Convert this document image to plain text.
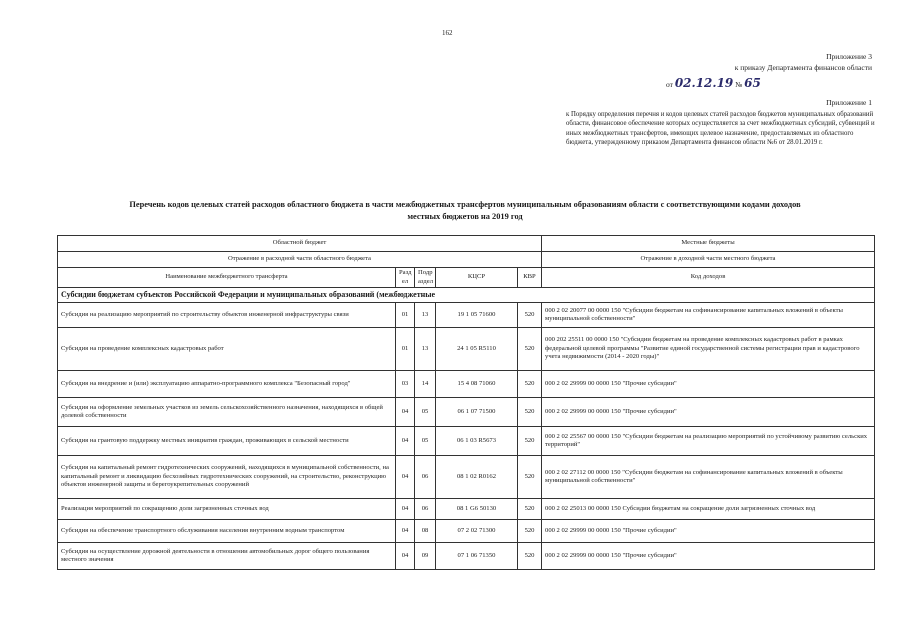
162
Приложение 3
к приказу Департамента финансов области
от 02.12.19 № 65
Приложение 1
к Порядку определения перечня и кодов целевых статей расходов бюджетов муниципальных образований области, финансовое обеспечение которых осуществляется за счет межбюджетных субсидий, субвенций и иных межбюджетных трансфертов, имеющих целевое назначение, предоставляемых из областного бюджета, утвержденному приказом Департамента финансов области №6 от 28.01.2019 г.
Перечень кодов целевых статей расходов областного бюджета в части межбюджетных трансфертов муниципальным образованиям области с соответствующими кодами доходов местных бюджетов на 2019 год
Областной бюджет					Местные бюджеты
Отражение в расходной части областного бюджета					Отражение в доходной части местного бюджета
Наименование межбюджетного трансферта	Разд ел	Подр аздел	КЦСР	КВР	Код доходов
Субсидии бюджетам субъектов Российской Федерации и муниципальных образований (межбюджетные					
Субсидия на реализацию мероприятий по строительству объектов инженерной инфраструктуры связи	01	13	19 1 05 71600	520	000 2 02 20077 00 0000 150 "Субсидии бюджетам на софинансирование капитальных вложений в объекты муниципальной собственности"
Субсидия на проведение комплексных кадастровых работ	01	13	24 1 05 R5110	520	000 202 25511 00 0000 150 "Субсидии бюджетам на проведение комплексных кадастровых работ в рамках федеральной целевой программы "Развитие единой государственной системы регистрации прав и кадастрового учета недвижимости (2014 - 2020 годы)"
Субсидия на внедрение и (или) эксплуатацию аппаратно-программного комплекса "Безопасный город"	03	14	15 4 08 71060	520	000 2 02 29999 00 0000 150 "Прочие субсидии"
Субсидия на оформление земельных участков из земель сельскохозяйственного назначения, находящихся в общей долевой собственности	04	05	06 1 07 71500	520	000 2 02 29999 00 0000 150 "Прочие субсидии"
Субсидия на грантовую поддержку местных инициатив граждан, проживающих в сельской местности	04	05	06 1 03 R5673	520	000 2 02 25567 00 0000 150 "Субсидии бюджетам на реализацию мероприятий по устойчивому развитию сельских территорий"
Субсидия на капитальный ремонт гидротехнических сооружений, находящихся в муниципальной собственности, на капитальный ремонт и ликвидацию бесхозяйных гидротехнических сооружений, на строительство, реконструкцию объектов инженерной защиты и берегоукрепительных сооружений	04	06	08 1 02 R0162	520	000 2 02 27112 00 0000 150 "Субсидии бюджетам на софинансирование капитальных вложений в объекты муниципальной собственности"
Реализация мероприятий по сокращению доли загрязненных сточных вод	04	06	08 1 G6 50130	520	000 2 02 25013 00 0000 150 Субсидии бюджетам на сокращение доли загрязненных сточных вод
Субсидия на обеспечение транспортного обслуживания населения внутренним водным транспортом	04	08	07 2 02 71300	520	000 2 02 29999 00 0000 150 "Прочие субсидии"
Субсидия на осуществление дорожной деятельности в отношении автомобильных дорог общего пользования местного значения	04	09	07 1 06 71350	520	000 2 02 29999 00 0000 150 "Прочие субсидии"
